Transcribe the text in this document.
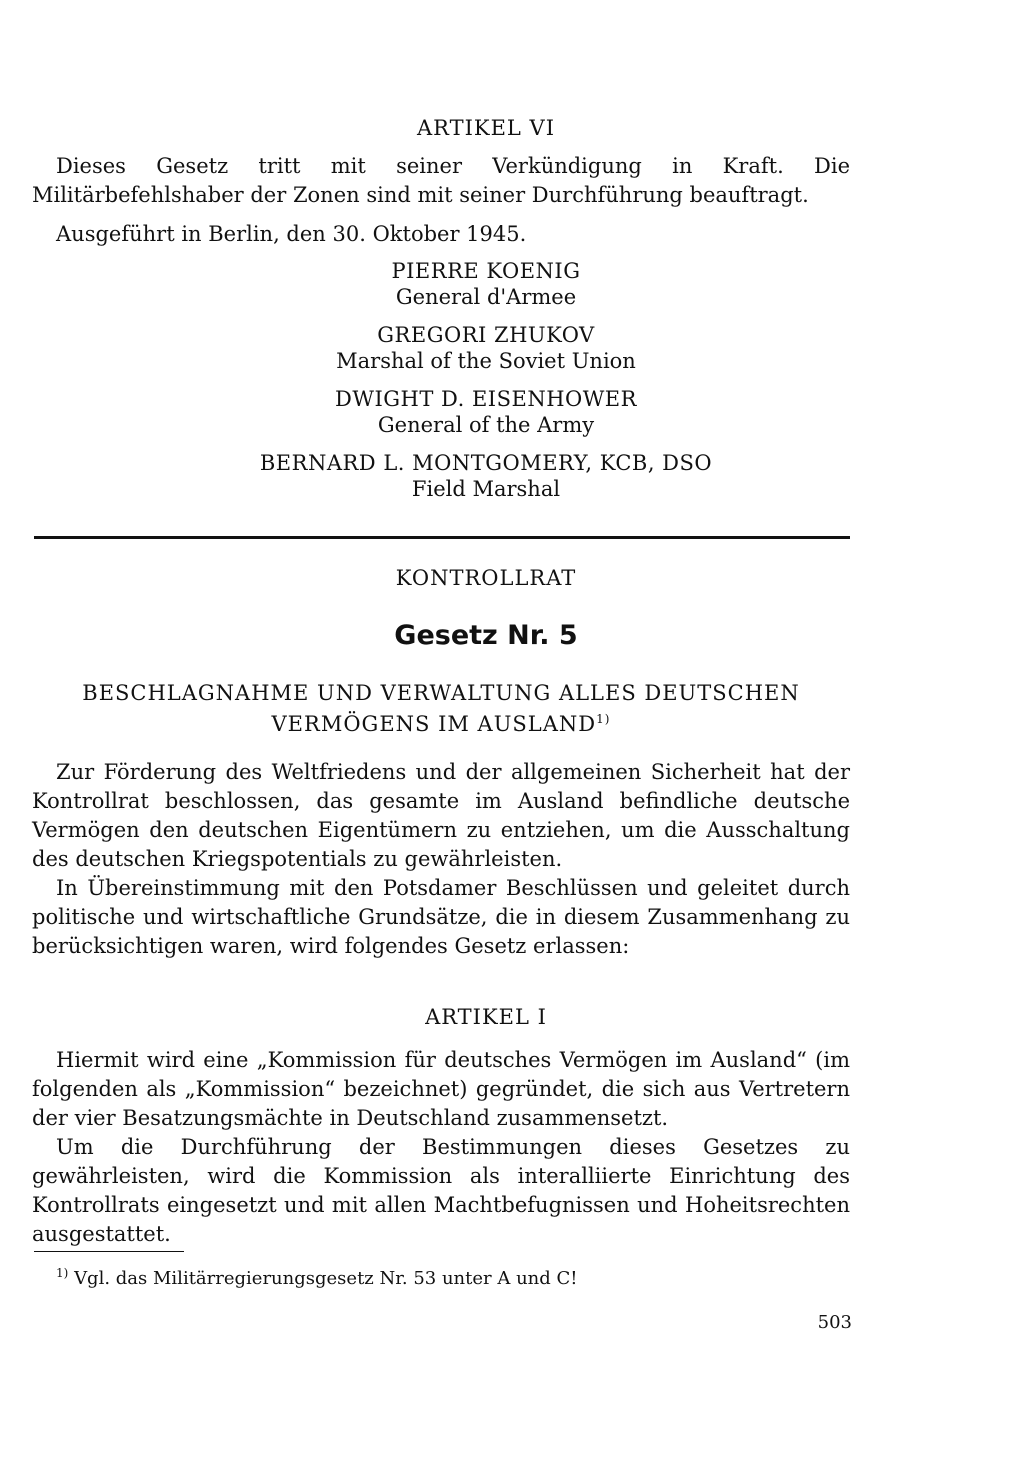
ARTIKEL VI
Dieses Gesetz tritt mit seiner Verkündigung in Kraft. Die Militärbefehlshaber der Zonen sind mit seiner Durchführung beauftragt.
Ausgeführt in Berlin, den 30. Oktober 1945.
PIERRE KOENIG
General d'Armee
GREGORI ZHUKOV
Marshal of the Soviet Union
DWIGHT D. EISENHOWER
General of the Army
BERNARD L. MONTGOMERY, KCB, DSO
Field Marshal
KONTROLLRAT
Gesetz Nr. 5
BESCHLAGNAHME UND VERWALTUNG ALLES DEUTSCHEN
VERMÖGENS IM AUSLAND$^{1)}$

Zur Förderung des Weltfriedens und der allgemeinen Sicherheit hat der Kontrollrat beschlossen, das gesamte im Ausland befindliche deutsche Vermögen den deutschen Eigentümern zu entziehen, um die Ausschaltung des deutschen Kriegspotentials zu gewährleisten.

In Übereinstimmung mit den Potsdamer Beschlüssen und geleitet durch politische und wirtschaftliche Grundsätze, die in diesem Zusammenhang zu berücksichtigen waren, wird folgendes Gesetz erlassen:

ARTIKEL I

Hiermit wird eine „Kommission für deutsches Vermögen im Ausland“ (im folgenden als „Kommission“ bezeichnet) gegründet, die sich aus Vertretern der vier Besatzungsmächte in Deutschland zusammensetzt.

Um die Durchführung der Bestimmungen dieses Gesetzes zu gewährleisten, wird die Kommission als interalliierte Einrichtung des Kontrollrats eingesetzt und mit allen Machtbefugnissen und Hoheitsrechten ausgestattet.

$^{1)}$ Vgl. das Militärregierungsgesetz Nr. 53 unter A und C!
503
